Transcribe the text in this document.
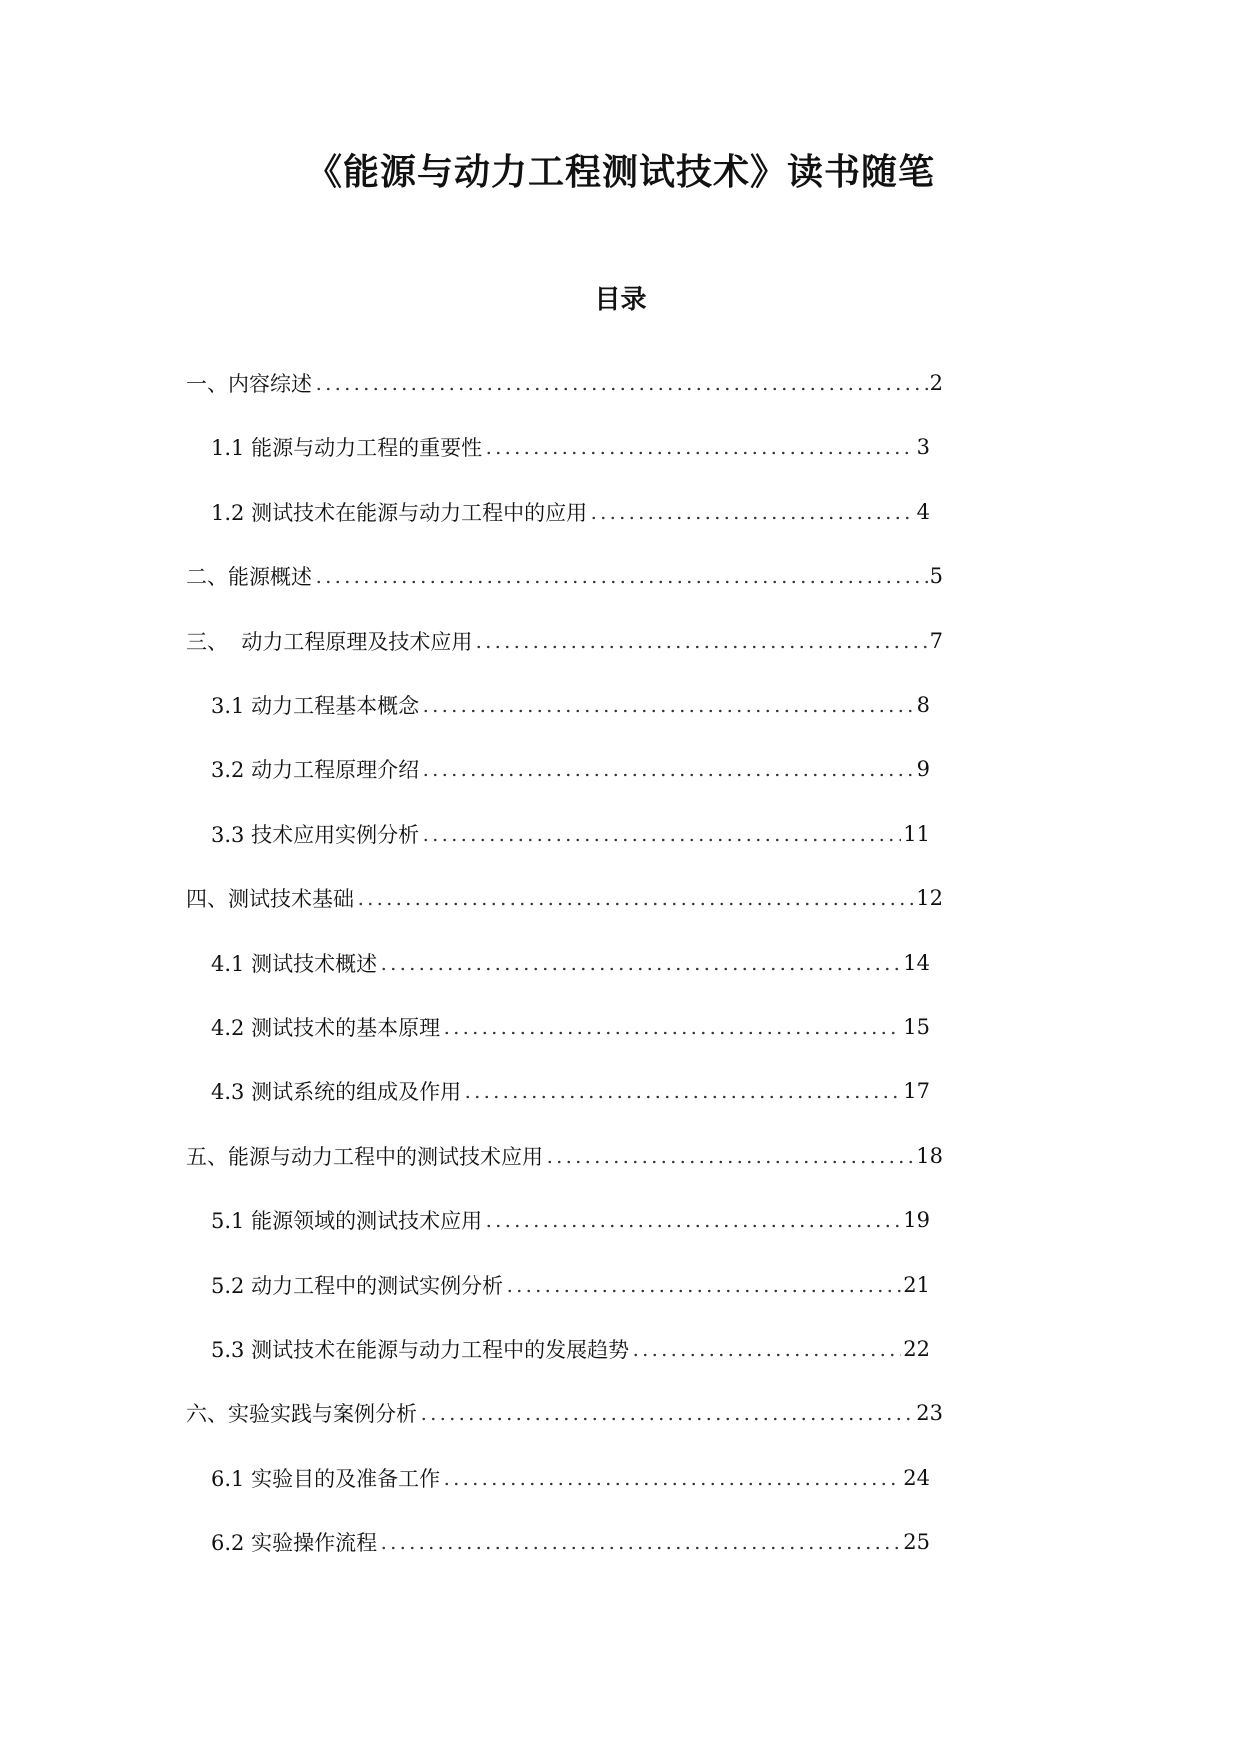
《能源与动力工程测试技术》读书随笔
目录
一、内容综述	2
1.1 能源与动力工程的重要性	3
1.2 测试技术在能源与动力工程中的应用	4
二、能源概述	5
三、  动力工程原理及技术应用	7
3.1 动力工程基本概念	8
3.2 动力工程原理介绍	9
3.3 技术应用实例分析	11
四、测试技术基础	12
4.1 测试技术概述	14
4.2 测试技术的基本原理	15
4.3 测试系统的组成及作用	17
五、能源与动力工程中的测试技术应用	18
5.1 能源领域的测试技术应用	19
5.2 动力工程中的测试实例分析	21
5.3 测试技术在能源与动力工程中的发展趋势	22
六、实验实践与案例分析	23
6.1 实验目的及准备工作	24
6.2 实验操作流程	25
